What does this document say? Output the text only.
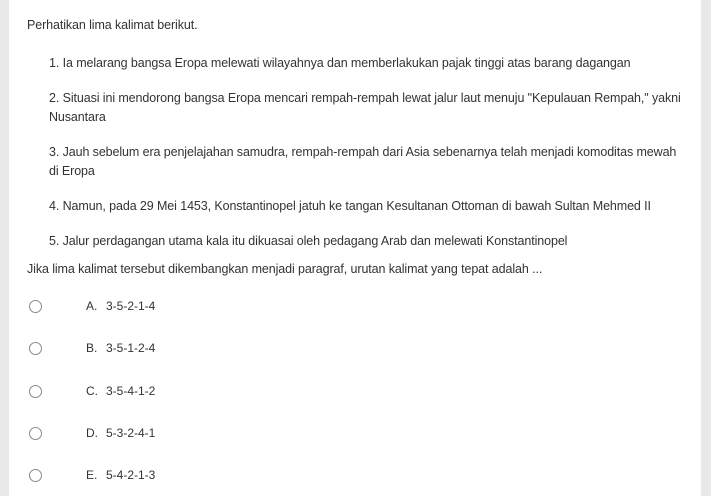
Perhatikan lima kalimat berikut.
1. Ia melarang bangsa Eropa melewati wilayahnya dan memberlakukan pajak tinggi atas barang dagangan
2. Situasi ini mendorong bangsa Eropa mencari rempah-rempah lewat jalur laut menuju "Kepulauan Rempah," yakni Nusantara
3. Jauh sebelum era penjelajahan samudra, rempah-rempah dari Asia sebenarnya telah menjadi komoditas mewah di Eropa
4. Namun, pada 29 Mei 1453, Konstantinopel jatuh ke tangan Kesultanan Ottoman di bawah Sultan Mehmed II
5. Jalur perdagangan utama kala itu dikuasai oleh pedagang Arab dan melewati Konstantinopel
Jika lima kalimat tersebut dikembangkan menjadi paragraf, urutan kalimat yang tepat adalah ...
A. 3-5-2-1-4
B. 3-5-1-2-4
C. 3-5-4-1-2
D. 5-3-2-4-1
E. 5-4-2-1-3
